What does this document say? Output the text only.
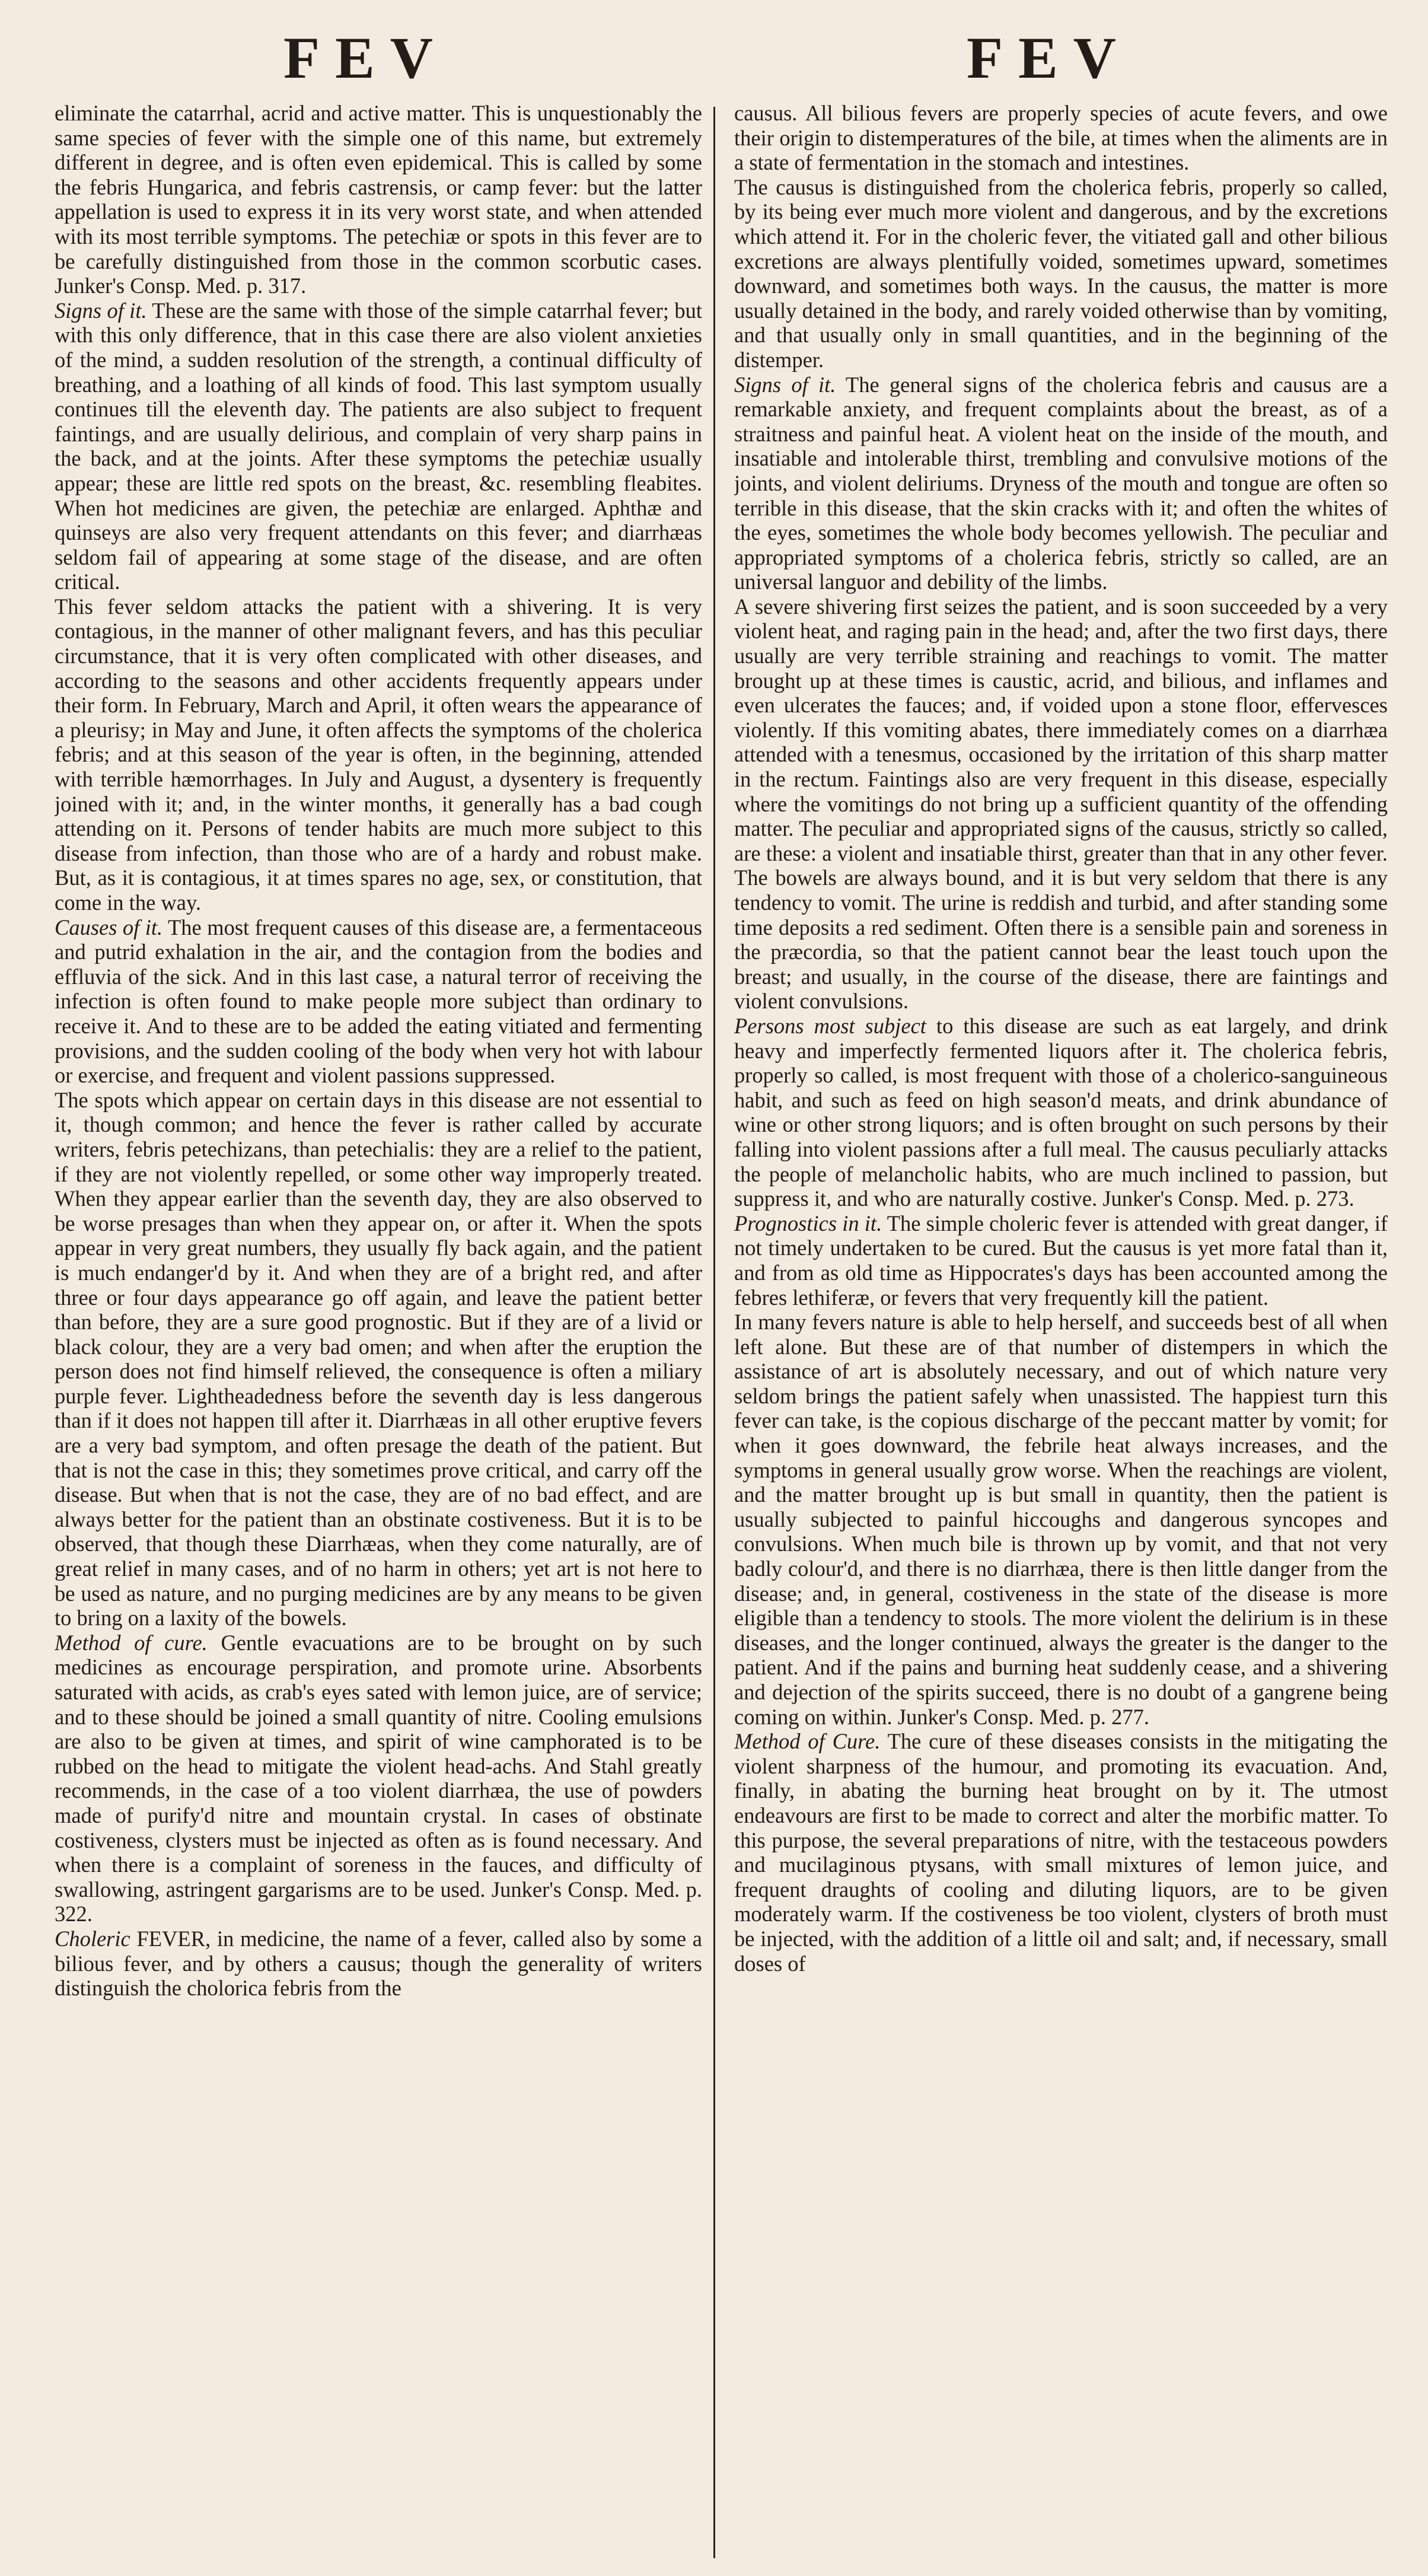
FEV	FEV

eliminate the catarrhal, acrid and active matter. This is unquestionably the same species of fever with the simple one of this name, but extremely different in degree, and is often even epidemical. This is called by some the febris Hungarica, and febris castrensis, or camp fever: but the latter appellation is used to express it in its very worst state, and when attended with its most terrible symptoms. The petechiæ or spots in this fever are to be carefully distinguished from those in the common scorbutic cases. Junker's Consp. Med. p. 317.

Signs of it. These are the same with those of the simple catarrhal fever; but with this only difference, that in this case there are also violent anxieties of the mind, a sudden resolution of the strength, a continual difficulty of breathing, and a loathing of all kinds of food. This last symptom usually continues till the eleventh day. The patients are also subject to frequent faintings, and are usually delirious, and complain of very sharp pains in the back, and at the joints. After these symptoms the petechiæ usually appear; these are little red spots on the breast, &c. resembling fleabites. When hot medicines are given, the petechiæ are enlarged. Aphthæ and quinseys are also very frequent attendants on this fever; and diarrhæas seldom fail of appearing at some stage of the disease, and are often critical.

This fever seldom attacks the patient with a shivering. It is very contagious, in the manner of other malignant fevers, and has this peculiar circumstance, that it is very often complicated with other diseases, and according to the seasons and other accidents frequently appears under their form. In February, March and April, it often wears the appearance of a pleurisy; in May and June, it often affects the symptoms of the cholerica febris; and at this season of the year is often, in the beginning, attended with terrible hæmorrhages. In July and August, a dysentery is frequently joined with it; and, in the winter months, it generally has a bad cough attending on it. Persons of tender habits are much more subject to this disease from infection, than those who are of a hardy and robust make. But, as it is contagious, it at times spares no age, sex, or constitution, that come in the way.

Causes of it. The most frequent causes of this disease are, a fermentaceous and putrid exhalation in the air, and the contagion from the bodies and effluvia of the sick. And in this last case, a natural terror of receiving the infection is often found to make people more subject than ordinary to receive it. And to these are to be added the eating vitiated and fermenting provisions, and the sudden cooling of the body when very hot with labour or exercise, and frequent and violent passions suppressed.

The spots which appear on certain days in this disease are not essential to it, though common; and hence the fever is rather called by accurate writers, febris petechizans, than petechialis: they are a relief to the patient, if they are not violently repelled, or some other way improperly treated. When they appear earlier than the seventh day, they are also observed to be worse presages than when they appear on, or after it. When the spots appear in very great numbers, they usually fly back again, and the patient is much endanger'd by it. And when they are of a bright red, and after three or four days appearance go off again, and leave the patient better than before, they are a sure good prognostic. But if they are of a livid or black colour, they are a very bad omen; and when after the eruption the person does not find himself relieved, the consequence is often a miliary purple fever. Lightheadedness before the seventh day is less dangerous than if it does not happen till after it. Diarrhæas in all other eruptive fevers are a very bad symptom, and often presage the death of the patient. But that is not the case in this; they sometimes prove critical, and carry off the disease. But when that is not the case, they are of no bad effect, and are always better for the patient than an obstinate costiveness. But it is to be observed, that though these Diarrhæas, when they come naturally, are of great relief in many cases, and of no harm in others; yet art is not here to be used as nature, and no purging medicines are by any means to be given to bring on a laxity of the bowels.

Method of cure. Gentle evacuations are to be brought on by such medicines as encourage perspiration, and promote urine. Absorbents saturated with acids, as crab's eyes sated with lemon juice, are of service; and to these should be joined a small quantity of nitre. Cooling emulsions are also to be given at times, and spirit of wine camphorated is to be rubbed on the head to mitigate the violent head-achs. And Stahl greatly recommends, in the case of a too violent diarrhæa, the use of powders made of purify'd nitre and mountain crystal. In cases of obstinate costiveness, clysters must be injected as often as is found necessary. And when there is a complaint of soreness in the fauces, and difficulty of swallowing, astringent gargarisms are to be used. Junker's Consp. Med. p. 322.

Choleric FEVER, in medicine, the name of a fever, called also by some a bilious fever, and by others a causus; though the generality of writers distinguish the cholorica febris from the

causus. All bilious fevers are properly species of acute fevers, and owe their origin to distemperatures of the bile, at times when the aliments are in a state of fermentation in the stomach and intestines.

The causus is distinguished from the cholerica febris, properly so called, by its being ever much more violent and dangerous, and by the excretions which attend it. For in the choleric fever, the vitiated gall and other bilious excretions are always plentifully voided, sometimes upward, sometimes downward, and sometimes both ways. In the causus, the matter is more usually detained in the body, and rarely voided otherwise than by vomiting, and that usually only in small quantities, and in the beginning of the distemper.

Signs of it. The general signs of the cholerica febris and causus are a remarkable anxiety, and frequent complaints about the breast, as of a straitness and painful heat. A violent heat on the inside of the mouth, and insatiable and intolerable thirst, trembling and convulsive motions of the joints, and violent deliriums. Dryness of the mouth and tongue are often so terrible in this disease, that the skin cracks with it; and often the whites of the eyes, sometimes the whole body becomes yellowish. The peculiar and appropriated symptoms of a cholerica febris, strictly so called, are an universal languor and debility of the limbs.

A severe shivering first seizes the patient, and is soon succeeded by a very violent heat, and raging pain in the head; and, after the two first days, there usually are very terrible straining and reachings to vomit. The matter brought up at these times is caustic, acrid, and bilious, and inflames and even ulcerates the fauces; and, if voided upon a stone floor, effervesces violently. If this vomiting abates, there immediately comes on a diarrhæa attended with a tenesmus, occasioned by the irritation of this sharp matter in the rectum. Faintings also are very frequent in this disease, especially where the vomitings do not bring up a sufficient quantity of the offending matter. The peculiar and appropriated signs of the causus, strictly so called, are these: a violent and insatiable thirst, greater than that in any other fever. The bowels are always bound, and it is but very seldom that there is any tendency to vomit. The urine is reddish and turbid, and after standing some time deposits a red sediment. Often there is a sensible pain and soreness in the præcordia, so that the patient cannot bear the least touch upon the breast; and usually, in the course of the disease, there are faintings and violent convulsions.

Persons most subject to this disease are such as eat largely, and drink heavy and imperfectly fermented liquors after it. The cholerica febris, properly so called, is most frequent with those of a cholerico-sanguineous habit, and such as feed on high season'd meats, and drink abundance of wine or other strong liquors; and is often brought on such persons by their falling into violent passions after a full meal. The causus peculiarly attacks the people of melancholic habits, who are much inclined to passion, but suppress it, and who are naturally costive. Junker's Consp. Med. p. 273.

Prognostics in it. The simple choleric fever is attended with great danger, if not timely undertaken to be cured. But the causus is yet more fatal than it, and from as old time as Hippocrates's days has been accounted among the febres lethiferæ, or fevers that very frequently kill the patient.

In many fevers nature is able to help herself, and succeeds best of all when left alone. But these are of that number of distempers in which the assistance of art is absolutely necessary, and out of which nature very seldom brings the patient safely when unassisted. The happiest turn this fever can take, is the copious discharge of the peccant matter by vomit; for when it goes downward, the febrile heat always increases, and the symptoms in general usually grow worse. When the reachings are violent, and the matter brought up is but small in quantity, then the patient is usually subjected to painful hiccoughs and dangerous syncopes and convulsions. When much bile is thrown up by vomit, and that not very badly colour'd, and there is no diarrhæa, there is then little danger from the disease; and, in general, costiveness in the state of the disease is more eligible than a tendency to stools. The more violent the delirium is in these diseases, and the longer continued, always the greater is the danger to the patient. And if the pains and burning heat suddenly cease, and a shivering and dejection of the spirits succeed, there is no doubt of a gangrene being coming on within. Junker's Consp. Med. p. 277.

Method of Cure. The cure of these diseases consists in the mitigating the violent sharpness of the humour, and promoting its evacuation. And, finally, in abating the burning heat brought on by it. The utmost endeavours are first to be made to correct and alter the morbific matter. To this purpose, the several preparations of nitre, with the testaceous powders and mucilaginous ptysans, with small mixtures of lemon juice, and frequent draughts of cooling and diluting liquors, are to be given moderately warm. If the costiveness be too violent, clysters of broth must be injected, with the addition of a little oil and salt; and, if necessary, small doses of
